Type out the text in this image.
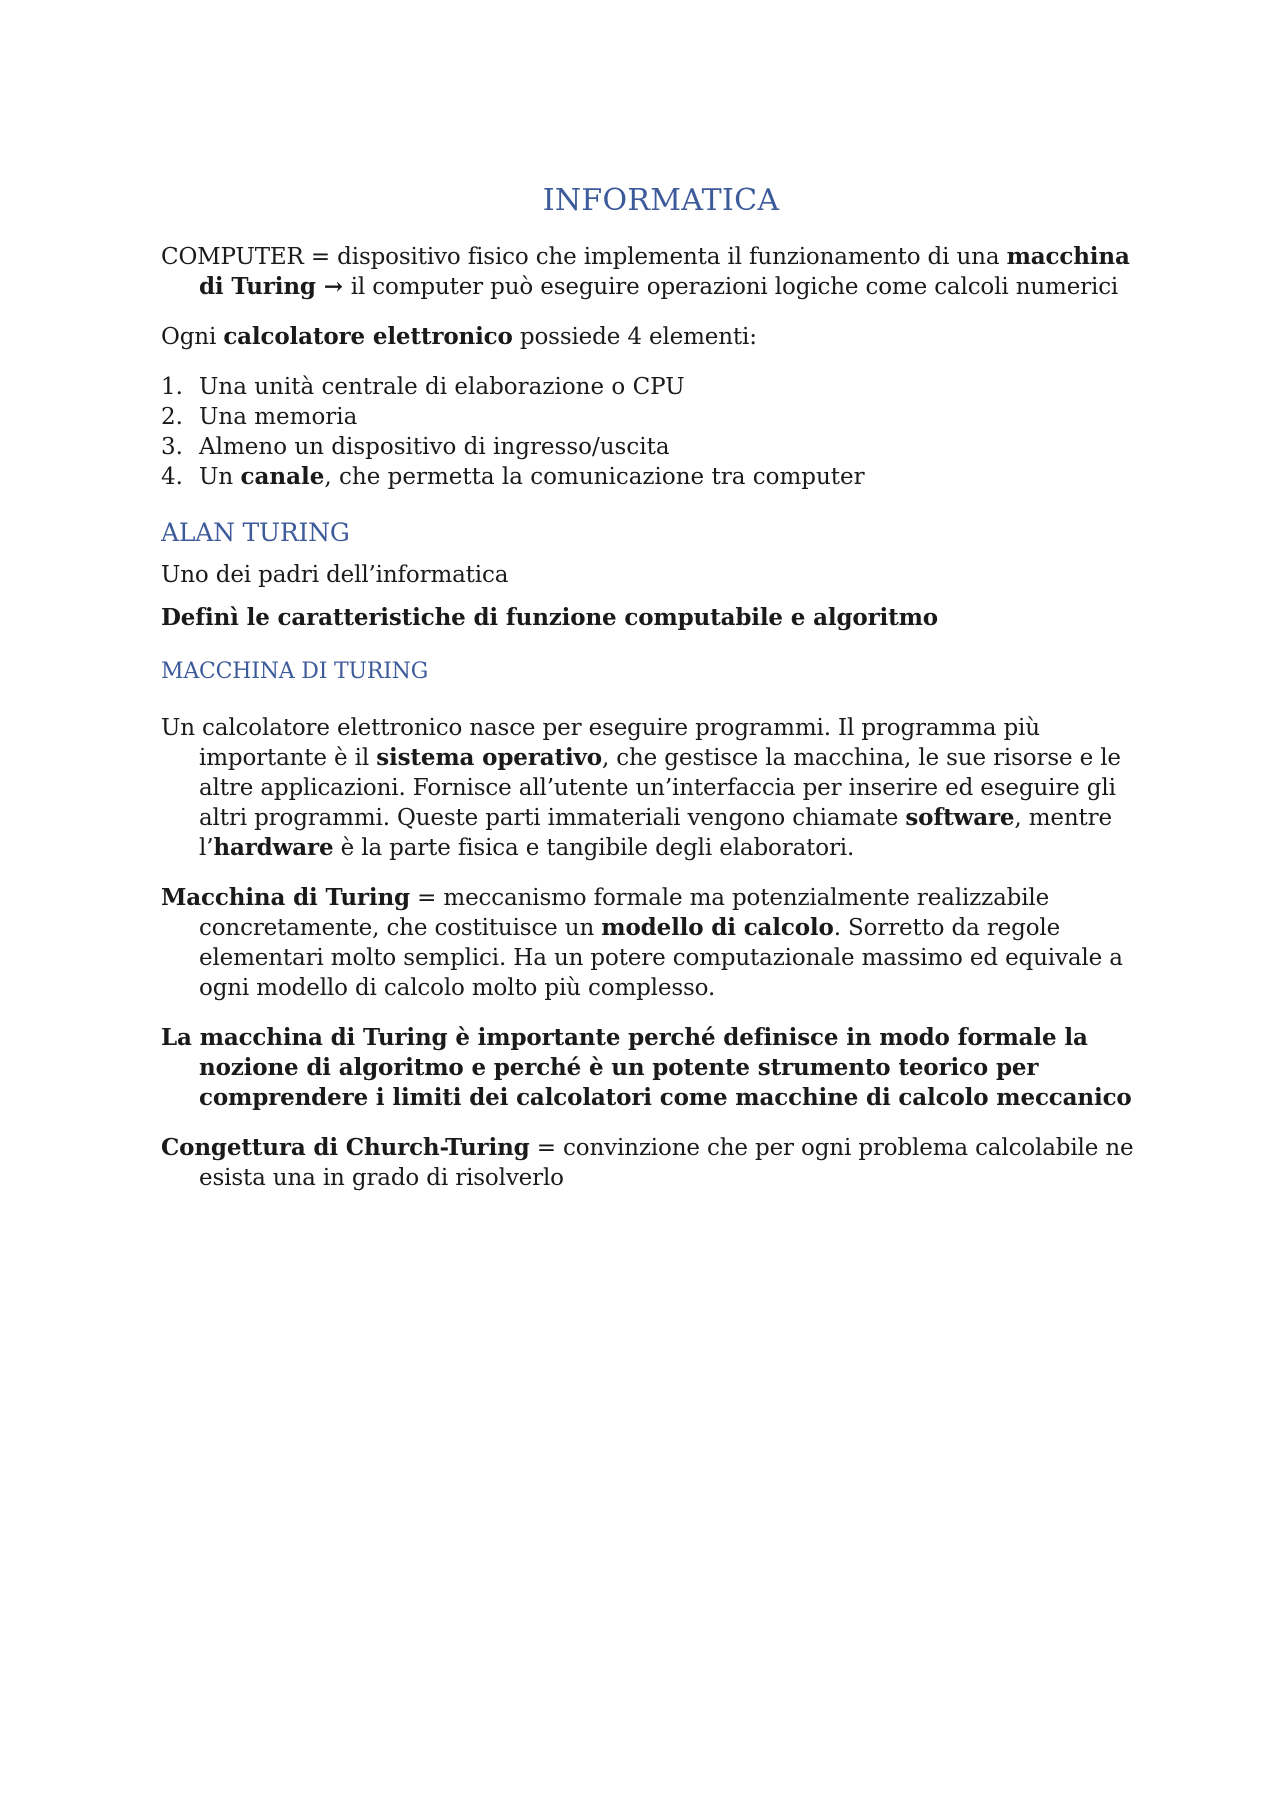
INFORMATICA

COMPUTER = dispositivo fisico che implementa il funzionamento di una macchina di Turing → il computer può eseguire operazioni logiche come calcoli numerici

Ogni calcolatore elettronico possiede 4 elementi:

1. Una unità centrale di elaborazione o CPU
2. Una memoria
3. Almeno un dispositivo di ingresso/uscita
4. Un canale, che permetta la comunicazione tra computer
ALAN TURING

Uno dei padri dell’informatica

Definì le caratteristiche di funzione computabile e algoritmo

MACCHINA DI TURING

Un calcolatore elettronico nasce per eseguire programmi. Il programma più importante è il sistema operativo, che gestisce la macchina, le sue risorse e le altre applicazioni. Fornisce all’utente un’interfaccia per inserire ed eseguire gli altri programmi. Queste parti immateriali vengono chiamate software, mentre l’hardware è la parte fisica e tangibile degli elaboratori.

Macchina di Turing = meccanismo formale ma potenzialmente realizzabile concretamente, che costituisce un modello di calcolo. Sorretto da regole elementari molto semplici. Ha un potere computazionale massimo ed equivale a ogni modello di calcolo molto più complesso.

La macchina di Turing è importante perché definisce in modo formale la nozione di algoritmo e perché è un potente strumento teorico per comprendere i limiti dei calcolatori come macchine di calcolo meccanico

Congettura di Church-Turing = convinzione che per ogni problema calcolabile ne esista una in grado di risolverlo
